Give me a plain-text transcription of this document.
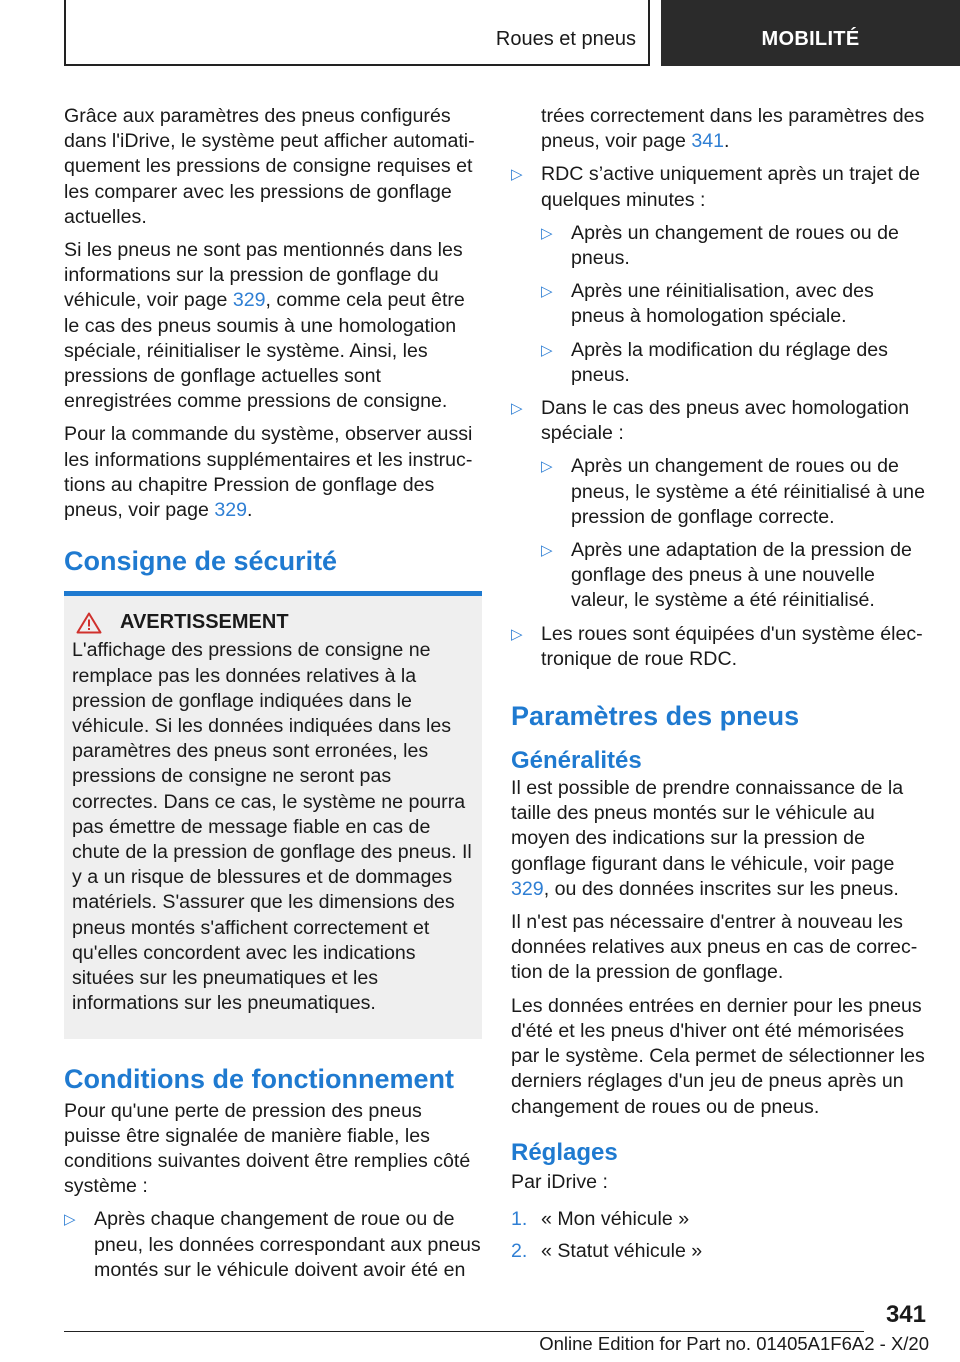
Roues et pneus	MOBILITÉ

Grâce aux paramètres des pneus configurés dans l'iDrive, le système peut afficher automatiquement les pressions de consigne requises et les comparer avec les pressions de gonflage actuelles.

Si les pneus ne sont pas mentionnés dans les informations sur la pression de gonflage du véhicule, voir page 329, comme cela peut être le cas des pneus soumis à une homologation spéciale, réinitialiser le système. Ainsi, les pressions de gonflage actuelles sont enregistrées comme pressions de consigne.

Pour la commande du système, observer aussi les informations supplémentaires et les instructions au chapitre Pression de gonflage des pneus, voir page 329.

Consigne de sécurité
AVERTISSEMENT
L'affichage des pressions de consigne ne remplace pas les données relatives à la pression de gonflage indiquées dans le véhicule. Si les données indiquées dans les paramètres des pneus sont erronées, les pressions de consigne ne seront pas correctes. Dans ce cas, le système ne pourra pas émettre de message fiable en cas de chute de la pression de gonflage des pneus. Il y a un risque de blessures et de dommages matériels. S'assurer que les dimensions des pneus montés s'affichent correctement et qu'elles concordent avec les indications situées sur les pneumatiques et les informations sur les pneumatiques.
Conditions de fonctionnement

Pour qu'une perte de pression des pneus puisse être signalée de manière fiable, les conditions suivantes doivent être remplies côté système :

▷ Après chaque changement de roue ou de pneu, les données correspondant aux pneus montés sur le véhicule doivent avoir été en
trées correctement dans les paramètres des pneus, voir page 341.
▷ RDC s’active uniquement après un trajet de quelques minutes :
▷ Après un changement de roues ou de pneus.
▷ Après une réinitialisation, avec des pneus à homologation spéciale.
▷ Après la modification du réglage des pneus.
▷ Dans le cas des pneus avec homologation spéciale :
▷ Après un changement de roues ou de pneus, le système a été réinitialisé à une pression de gonflage correcte.
▷ Après une adaptation de la pression de gonflage des pneus à une nouvelle valeur, le système a été réinitialisé.
▷ Les roues sont équipées d'un système électronique de roue RDC.
Paramètres des pneus
Généralités

Il est possible de prendre connaissance de la taille des pneus montés sur le véhicule au moyen des indications sur la pression de gonflage figurant dans le véhicule, voir page 329, ou des données inscrites sur les pneus.

Il n'est pas nécessaire d'entrer à nouveau les données relatives aux pneus en cas de correction de la pression de gonflage.

Les données entrées en dernier pour les pneus d'été et les pneus d'hiver ont été mémorisées par le système. Cela permet de sélectionner les derniers réglages d'un jeu de pneus après un changement de roues ou de pneus.

Réglages

Par iDrive :

1. « Mon véhicule »
2. « Statut véhicule »
341
Online Edition for Part no. 01405A1F6A2 - X/20
